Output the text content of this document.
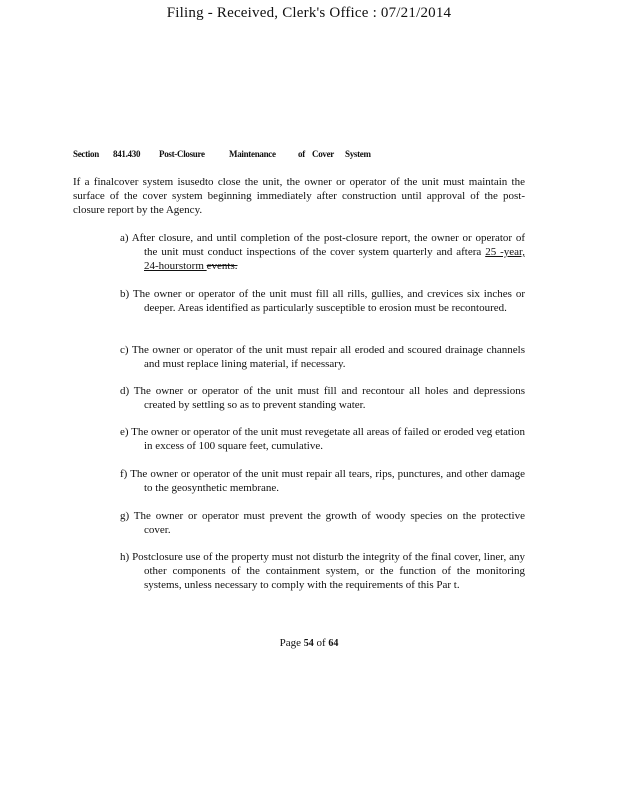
Filing - Received, Clerk's Office : 07/21/2014
Section 841.430 Post-Closure	Maintenance of Cover System
If a finalcover system isusedto close the unit, the owner or operator of the unit must maintain the surface of the cover system beginning immediately after construction until approval of the post-closure report by the Agency.
a) After closure, and until completion of the post-closure report, the owner or operator of the unit must conduct inspections of the cover system quarterly and aftera 25 -year, 24-hourstorm events.
b) The owner or operator of the unit must fill all rills, gullies, and crevices six inches or deeper. Areas identified as particularly susceptible to erosion must be recontoured.
c) The owner or operator of the unit must repair all eroded and scoured drainage channels and must replace lining material, if necessary.
d) The owner or operator of the unit must fill and recontour all holes and depressions created by settling so as to prevent standing water.
e) The owner or operator of the unit must revegetate all areas of failed or eroded veg etation in excess of 100 square feet, cumulative.
f) The owner or operator of the unit must repair all tears, rips, punctures, and other damage to the geosynthetic membrane.
g) The owner or operator must prevent the growth of woody species on the protective cover.
h) Postclosure use of the property must not disturb the integrity of the final cover, liner, any other components of the containment system, or the function of the monitoring systems, unless necessary to comply with the requirements of this Par t.
Page 54 of 64
